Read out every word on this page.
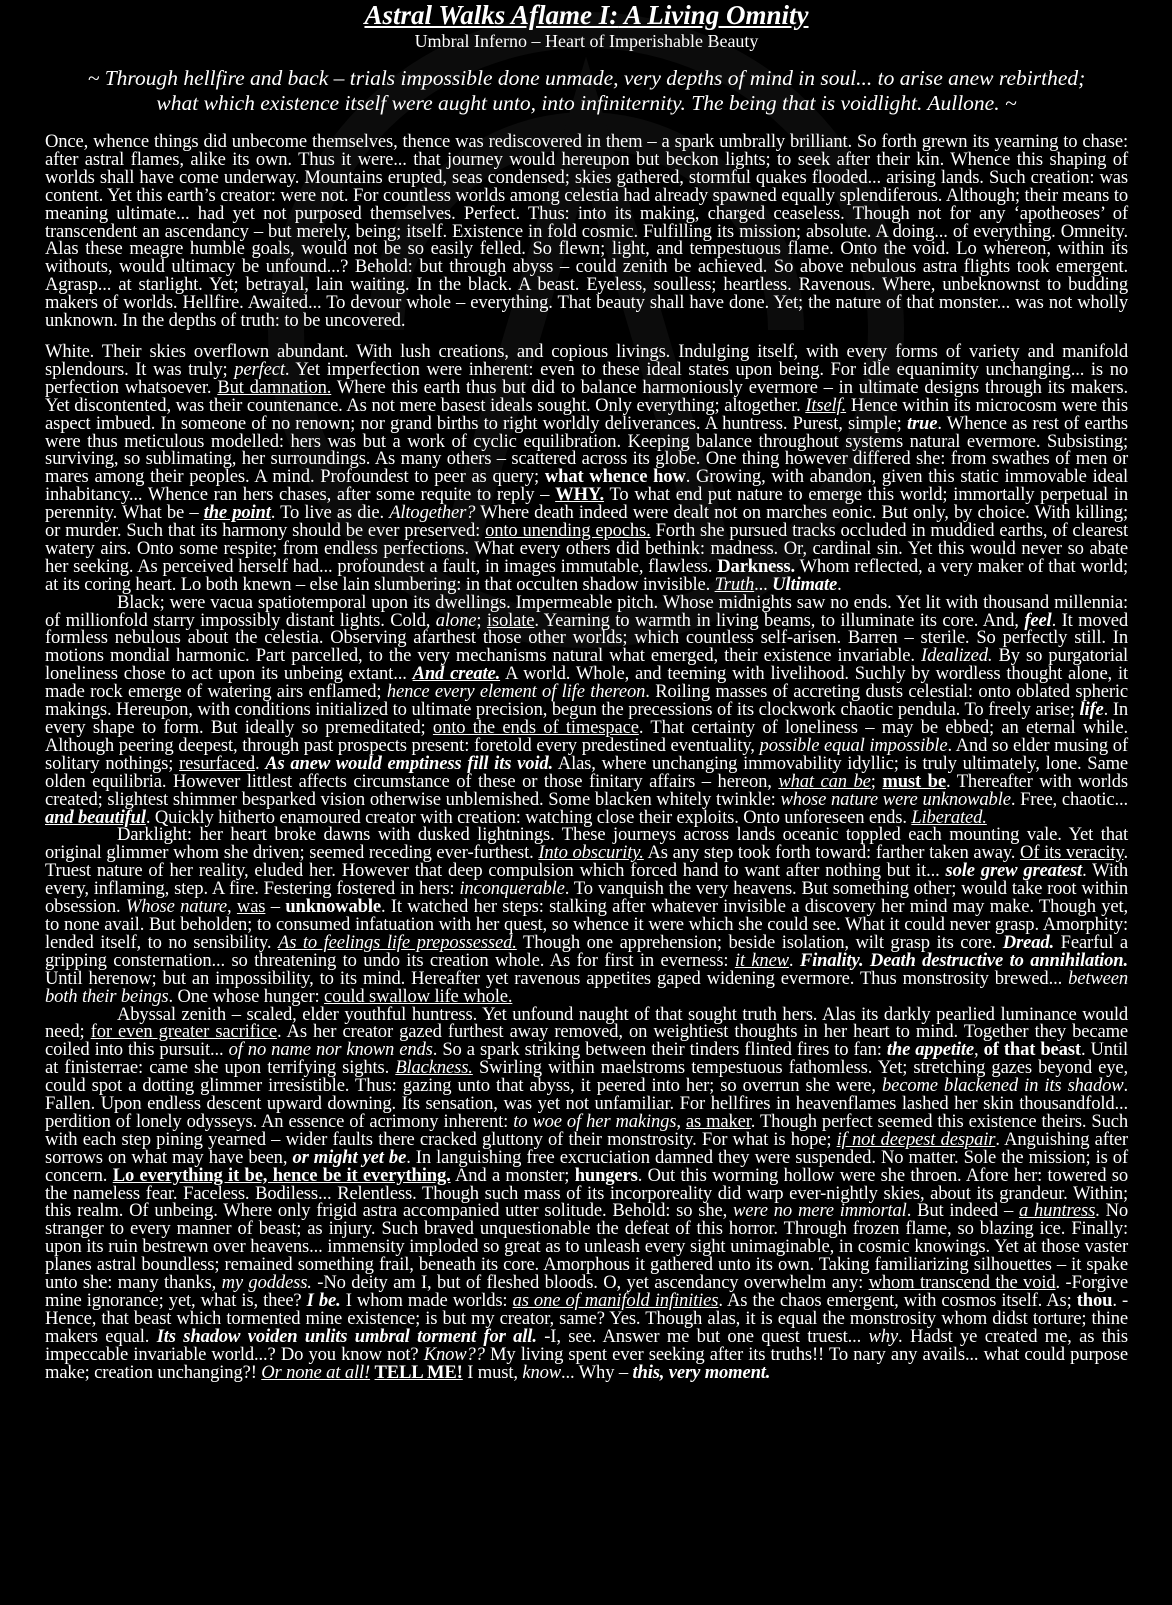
Astral Walks Aflame I: A Living Omnity

Umbral Inferno – Heart of Imperishable Beauty

~ Through hellfire and back – trials impossible done unmade, very depths of mind in soul... to arise anew rebirthed;
what which existence itself were aught unto, into infiniternity. The being that is voidlight. Aullone. ~

Once, whence things did unbecome themselves, thence was rediscovered in them – a spark umbrally brilliant. So forth grewn its yearning to chase: after astral flames, alike its own. Thus it were... that journey would hereupon but beckon lights; to seek after their kin. Whence this shaping of worlds shall have come underway. Mountains erupted, seas condensed; skies gathered, stormful quakes flooded... arising lands. Such creation: was content. Yet this earth’s creator: were not. For countless worlds among celestia had already spawned equally splendiferous. Although; their means to meaning ultimate... had yet not purposed themselves. Perfect. Thus: into its making, charged ceaseless. Though not for any ‘apotheoses’ of transcendent an ascendancy – but merely, being; itself. Existence in fold cosmic. Fulfilling its mission; absolute. A doing... of everything. Omneity. Alas these meagre humble goals, would not be so easily felled. So flewn; light, and tempestuous flame. Onto the void. Lo whereon, within its withouts, would ultimacy be unfound...? Behold: but through abyss – could zenith be achieved. So above nebulous astra flights took emergent. Agrasp... at starlight. Yet; betrayal, lain waiting. In the black. A beast. Eyeless, soulless; heartless. Ravenous. Where, unbeknownst to budding makers of worlds. Hellfire. Awaited... To devour whole – everything. That beauty shall have done. Yet; the nature of that monster... was not wholly unknown. In the depths of truth: to be uncovered.

White. Their skies overflown abundant. With lush creations, and copious livings. Indulging itself, with every forms of variety and manifold splendours. It was truly; perfect. Yet imperfection were inherent: even to these ideal states upon being. For idle equanimity unchanging... is no perfection whatsoever. But damnation. Where this earth thus but did to balance harmoniously evermore – in ultimate designs through its makers. Yet discontented, was their countenance. As not mere basest ideals sought. Only everything; altogether. Itself. Hence within its microcosm were this aspect imbued. In someone of no renown; nor grand births to right worldly deliverances. A huntress. Purest, simple; true. Whence as rest of earths were thus meticulous modelled: hers was but a work of cyclic equilibration. Keeping balance throughout systems natural evermore. Subsisting; surviving, so sublimating, her surroundings. As many others – scattered across its globe. One thing however differed she: from swathes of men or mares among their peoples. A mind. Profoundest to peer as query; what whence how. Growing, with abandon, given this static immovable ideal inhabitancy... Whence ran hers chases, after some requite to reply – WHY. To what end put nature to emerge this world; immortally perpetual in perennity. What be – the point. To live as die. Altogether? Where death indeed were dealt not on marches eonic. But only, by choice. With killing; or murder. Such that its harmony should be ever preserved: onto unending epochs. Forth she pursued tracks occluded in muddied earths, of clearest watery airs. Onto some respite; from endless perfections. What every others did bethink: madness. Or, cardinal sin. Yet this would never so abate her seeking. As perceived herself had... profoundest a fault, in images immutable, flawless. Darkness. Whom reflected, a very maker of that world; at its coring heart. Lo both knewn – else lain slumbering: in that occulten shadow invisible. Truth... Ultimate.

Black; were vacua spatiotemporal upon its dwellings. Impermeable pitch. Whose midnights saw no ends. Yet lit with thousand millennia: of millionfold starry impossibly distant lights. Cold, alone; isolate. Yearning to warmth in living beams, to illuminate its core. And, feel. It moved formless nebulous about the celestia. Observing afarthest those other worlds; which countless self-arisen. Barren – sterile. So perfectly still. In motions mondial harmonic. Part parcelled, to the very mechanisms natural what emerged, their existence invariable. Idealized. By so purgatorial loneliness chose to act upon its unbeing extant... And create. A world. Whole, and teeming with livelihood. Suchly by wordless thought alone, it made rock emerge of watering airs enflamed; hence every element of life thereon. Roiling masses of accreting dusts celestial: onto oblated spheric makings. Hereupon, with conditions initialized to ultimate precision, begun the precessions of its clockwork chaotic pendula. To freely arise; life. In every shape to form. But ideally so premeditated; onto the ends of timespace. That certainty of loneliness – may be ebbed; an eternal while. Although peering deepest, through past prospects present: foretold every predestined eventuality, possible equal impossible. And so elder musing of solitary nothings; resurfaced. As anew would emptiness fill its void. Alas, where unchanging immovability idyllic; is truly ultimately, lone. Same olden equilibria. However littlest affects circumstance of these or those finitary affairs – hereon, what can be; must be. Thereafter with worlds created; slightest shimmer besparked vision otherwise unblemished. Some blacken whitely twinkle: whose nature were unknowable. Free, chaotic... and beautiful. Quickly hitherto enamoured creator with creation: watching close their exploits. Onto unforeseen ends. Liberated.

Darklight: her heart broke dawns with dusked lightnings. These journeys across lands oceanic toppled each mounting vale. Yet that original glimmer whom she driven; seemed receding ever-furthest. Into obscurity. As any step took forth toward: farther taken away. Of its veracity. Truest nature of her reality, eluded her. However that deep compulsion which forced hand to want after nothing but it... sole grew greatest. With every, inflaming, step. A fire. Festering fostered in hers: inconquerable. To vanquish the very heavens. But something other; would take root within obsession. Whose nature, was – unknowable. It watched her steps: stalking after whatever invisible a discovery her mind may make. Though yet, to none avail. But beholden; to consumed infatuation with her quest, so whence it were which she could see. What it could never grasp. Amorphity: lended itself, to no sensibility. As to feelings life prepossessed. Though one apprehension; beside isolation, wilt grasp its core. Dread. Fearful a gripping consternation... so threatening to undo its creation whole. As for first in everness: it knew. Finality. Death destructive to annihilation. Until herenow; but an impossibility, to its mind. Hereafter yet ravenous appetites gaped widening evermore. Thus monstrosity brewed... between both their beings. One whose hunger: could swallow life whole.

Abyssal zenith – scaled, elder youthful huntress. Yet unfound naught of that sought truth hers. Alas its darkly pearlied luminance would need; for even greater sacrifice. As her creator gazed furthest away removed, on weightiest thoughts in her heart to mind. Together they became coiled into this pursuit... of no name nor known ends. So a spark striking between their tinders flinted fires to fan: the appetite, of that beast. Until at finisterrae: came she upon terrifying sights. Blackness. Swirling within maelstroms tempestuous fathomless. Yet; stretching gazes beyond eye, could spot a dotting glimmer irresistible. Thus: gazing unto that abyss, it peered into her; so overrun she were, become blackened in its shadow. Fallen. Upon endless descent upward downing. Its sensation, was yet not unfamiliar. For hellfires in heavenflames lashed her skin thousandfold... perdition of lonely odysseys. An essence of acrimony inherent: to woe of her makings, as maker. Though perfect seemed this existence theirs. Such with each step pining yearned – wider faults there cracked gluttony of their monstrosity. For what is hope; if not deepest despair. Anguishing after sorrows on what may have been, or might yet be. In languishing free excruciation damned they were suspended. No matter. Sole the mission; is of concern. Lo everything it be, hence be it everything. And a monster; hungers. Out this worming hollow were she throen. Afore her: towered so the nameless fear. Faceless. Bodiless... Relentless. Though such mass of its incorporeality did warp ever-nightly skies, about its grandeur. Within; this realm. Of unbeing. Where only frigid astra accompanied utter solitude. Behold: so she, were no mere immortal. But indeed – a huntress. No stranger to every manner of beast; as injury. Such braved unquestionable the defeat of this horror. Through frozen flame, so blazing ice. Finally: upon its ruin bestrewn over heavens... immensity imploded so great as to unleash every sight unimaginable, in cosmic knowings. Yet at those vaster planes astral boundless; remained something frail, beneath its core. Amorphous it gathered unto its own. Taking familiarizing silhouettes – it spake unto she: many thanks, my goddess. -No deity am I, but of fleshed bloods. O, yet ascendancy overwhelm any: whom transcend the void. -Forgive mine ignorance; yet, what is, thee? I be. I whom made worlds: as one of manifold infinities. As the chaos emergent, with cosmos itself. As; thou. -Hence, that beast which tormented mine existence; is but my creator, same? Yes. Though alas, it is equal the monstrosity whom didst torture; thine makers equal. Its shadow voiden unlits umbral torment for all. -I, see. Answer me but one quest truest... why. Hadst ye created me, as this impeccable invariable world...? Do you know not? Know?? My living spent ever seeking after its truths!! To nary any avails... what could purpose make; creation unchanging?! Or none at all! TELL ME! I must, know... Why – this, very moment.
